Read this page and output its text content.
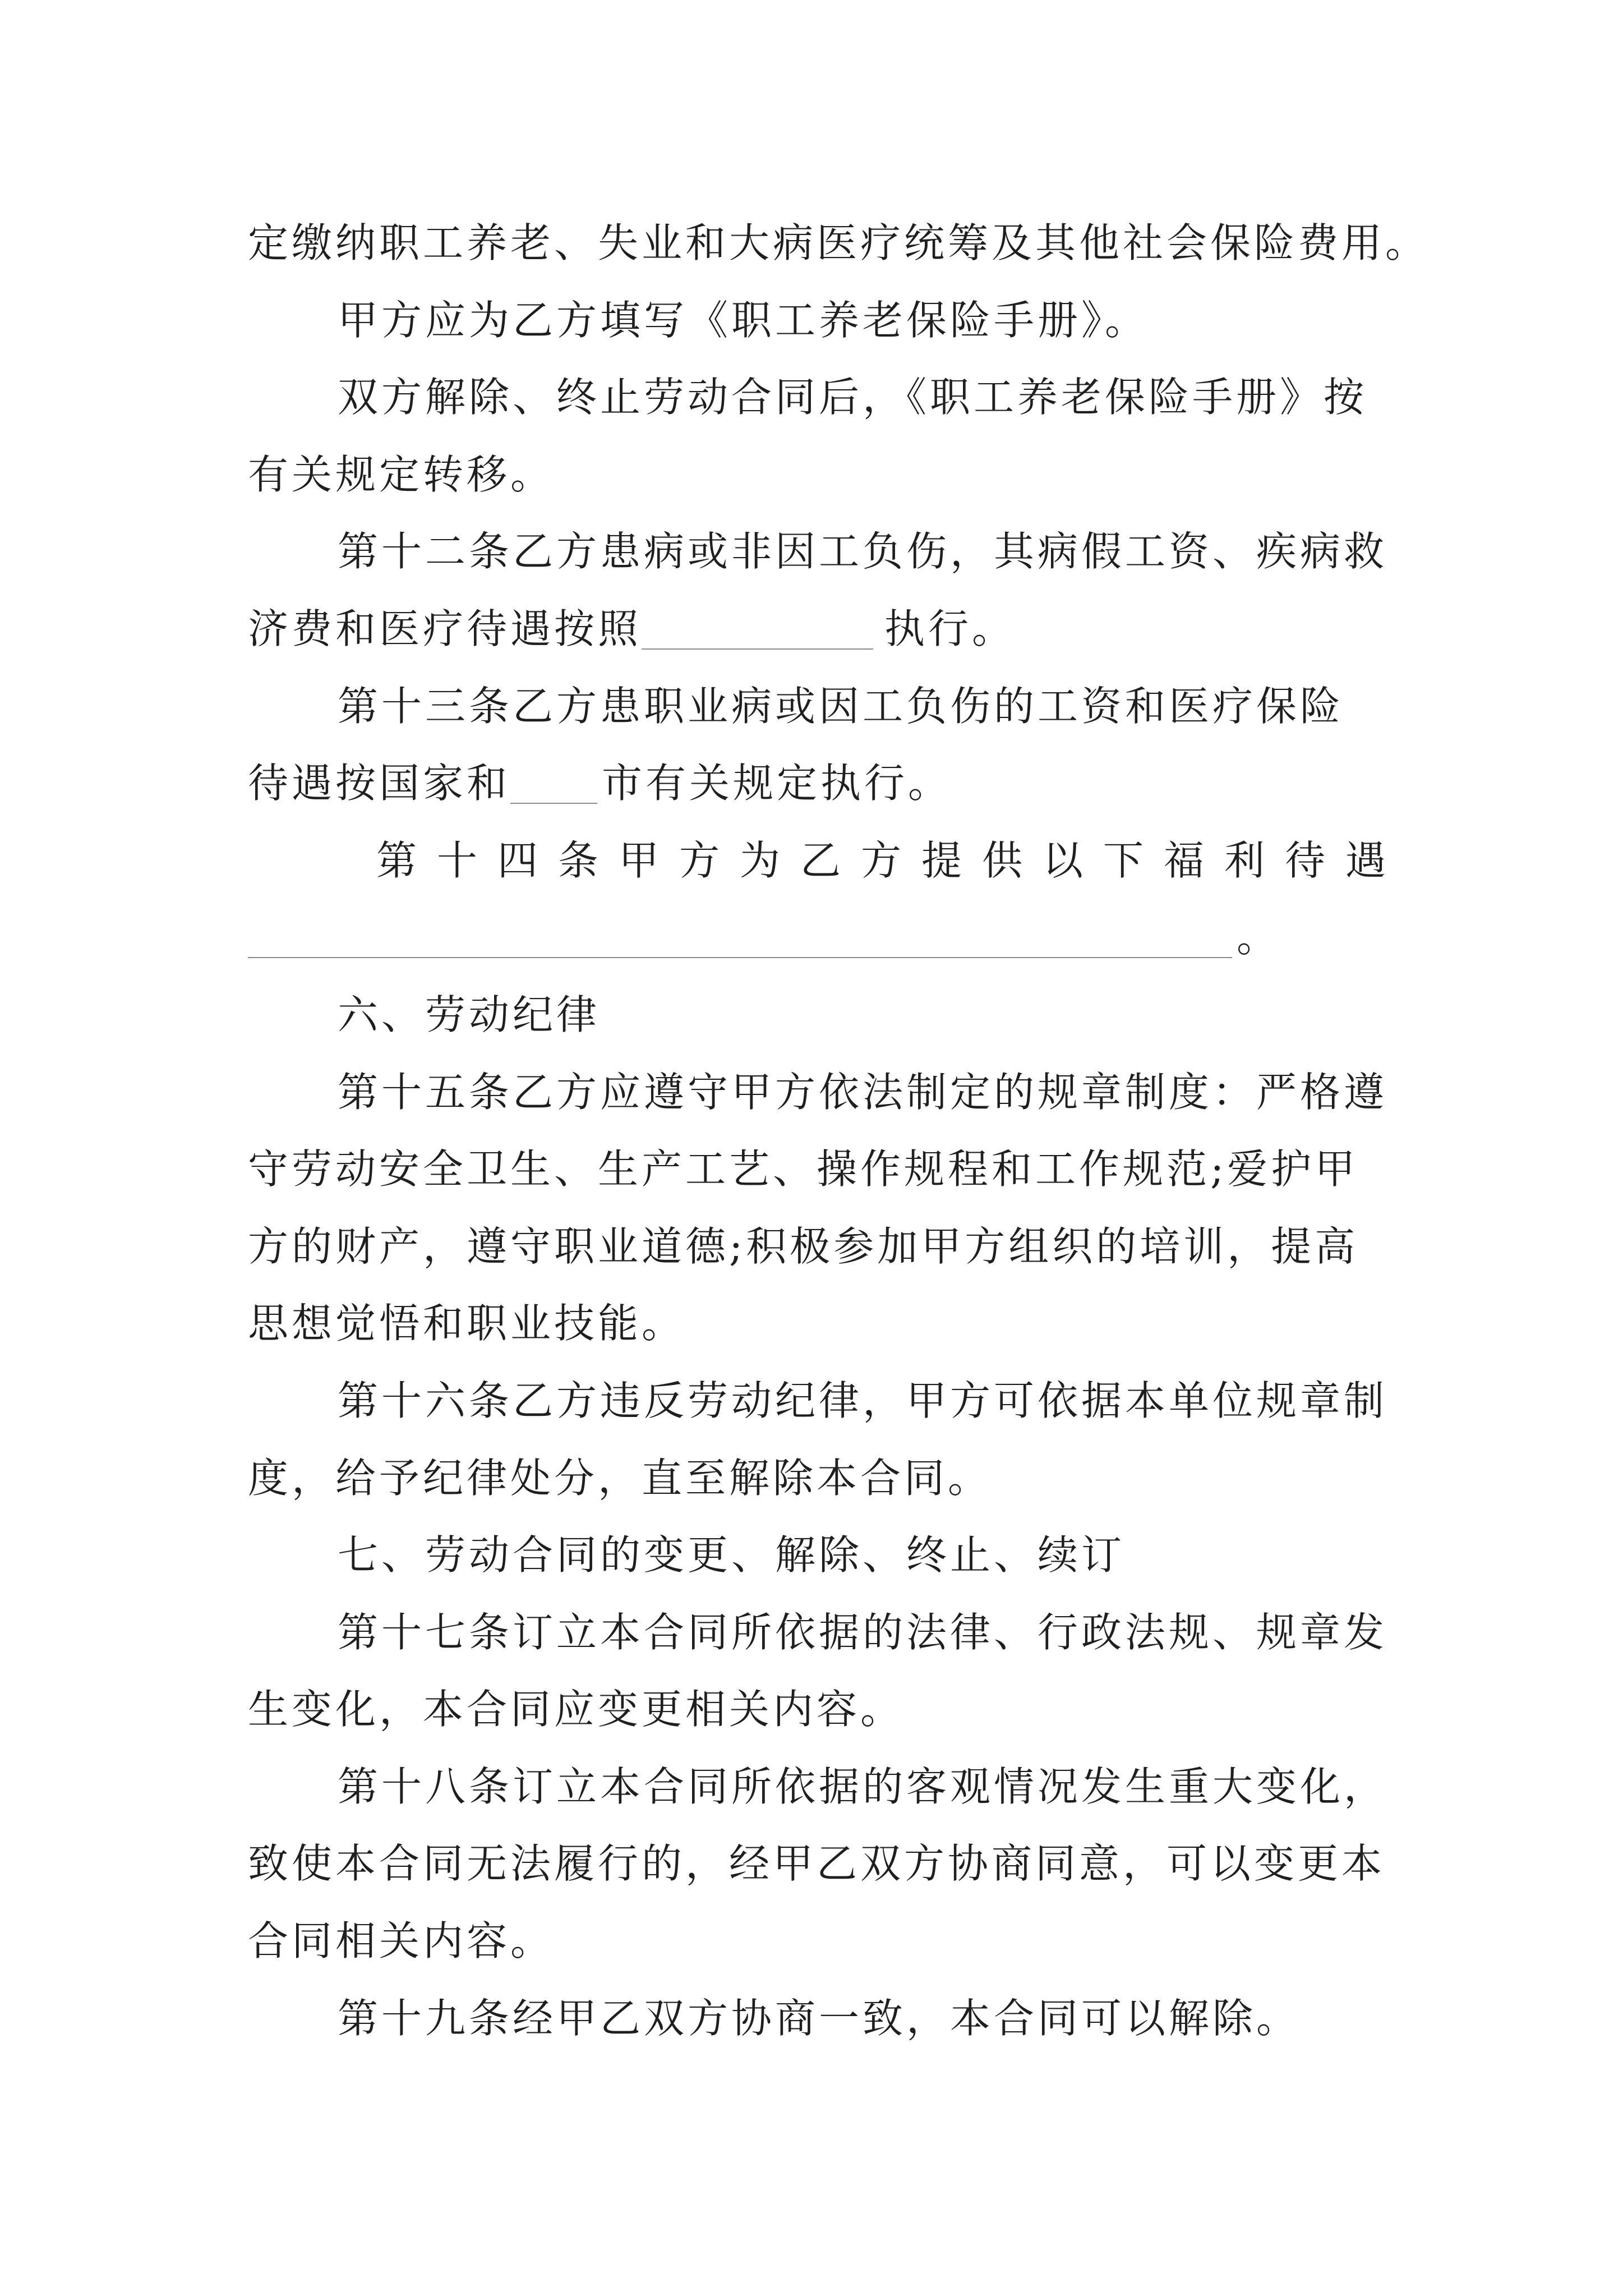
定缴纳职工养老、失业和大病医疗统筹及其他社会保险费用。
甲方应为乙方填写《职工养老保险手册》。
双方解除、终止劳动合同后，《职工养老保险手册》按
有关规定转移。
第十二条乙方患病或非因工负伤，其病假工资、疾病救
济费和医疗待遇按照	执行。
第十三条乙方患职业病或因工负伤的工资和医疗保险
待遇按国家和 市有关规定执行。
第十四条甲方为乙方提供以下福利待遇
。
六、劳动纪律
第十五条乙方应遵守甲方依法制定的规章制度：严格遵
守劳动安全卫生、生产工艺、操作规程和工作规范;爱护甲
方的财产，遵守职业道德;积极参加甲方组织的培训，提高
思想觉悟和职业技能。
第十六条乙方违反劳动纪律，甲方可依据本单位规章制
度，给予纪律处分，直至解除本合同。
七、劳动合同的变更、解除、终止、续订
第十七条订立本合同所依据的法律、行政法规、规章发
生变化，本合同应变更相关内容。
第十八条订立本合同所依据的客观情况发生重大变化，
致使本合同无法履行的，经甲乙双方协商同意，可以变更本
合同相关内容。
第十九条经甲乙双方协商一致，本合同可以解除。
